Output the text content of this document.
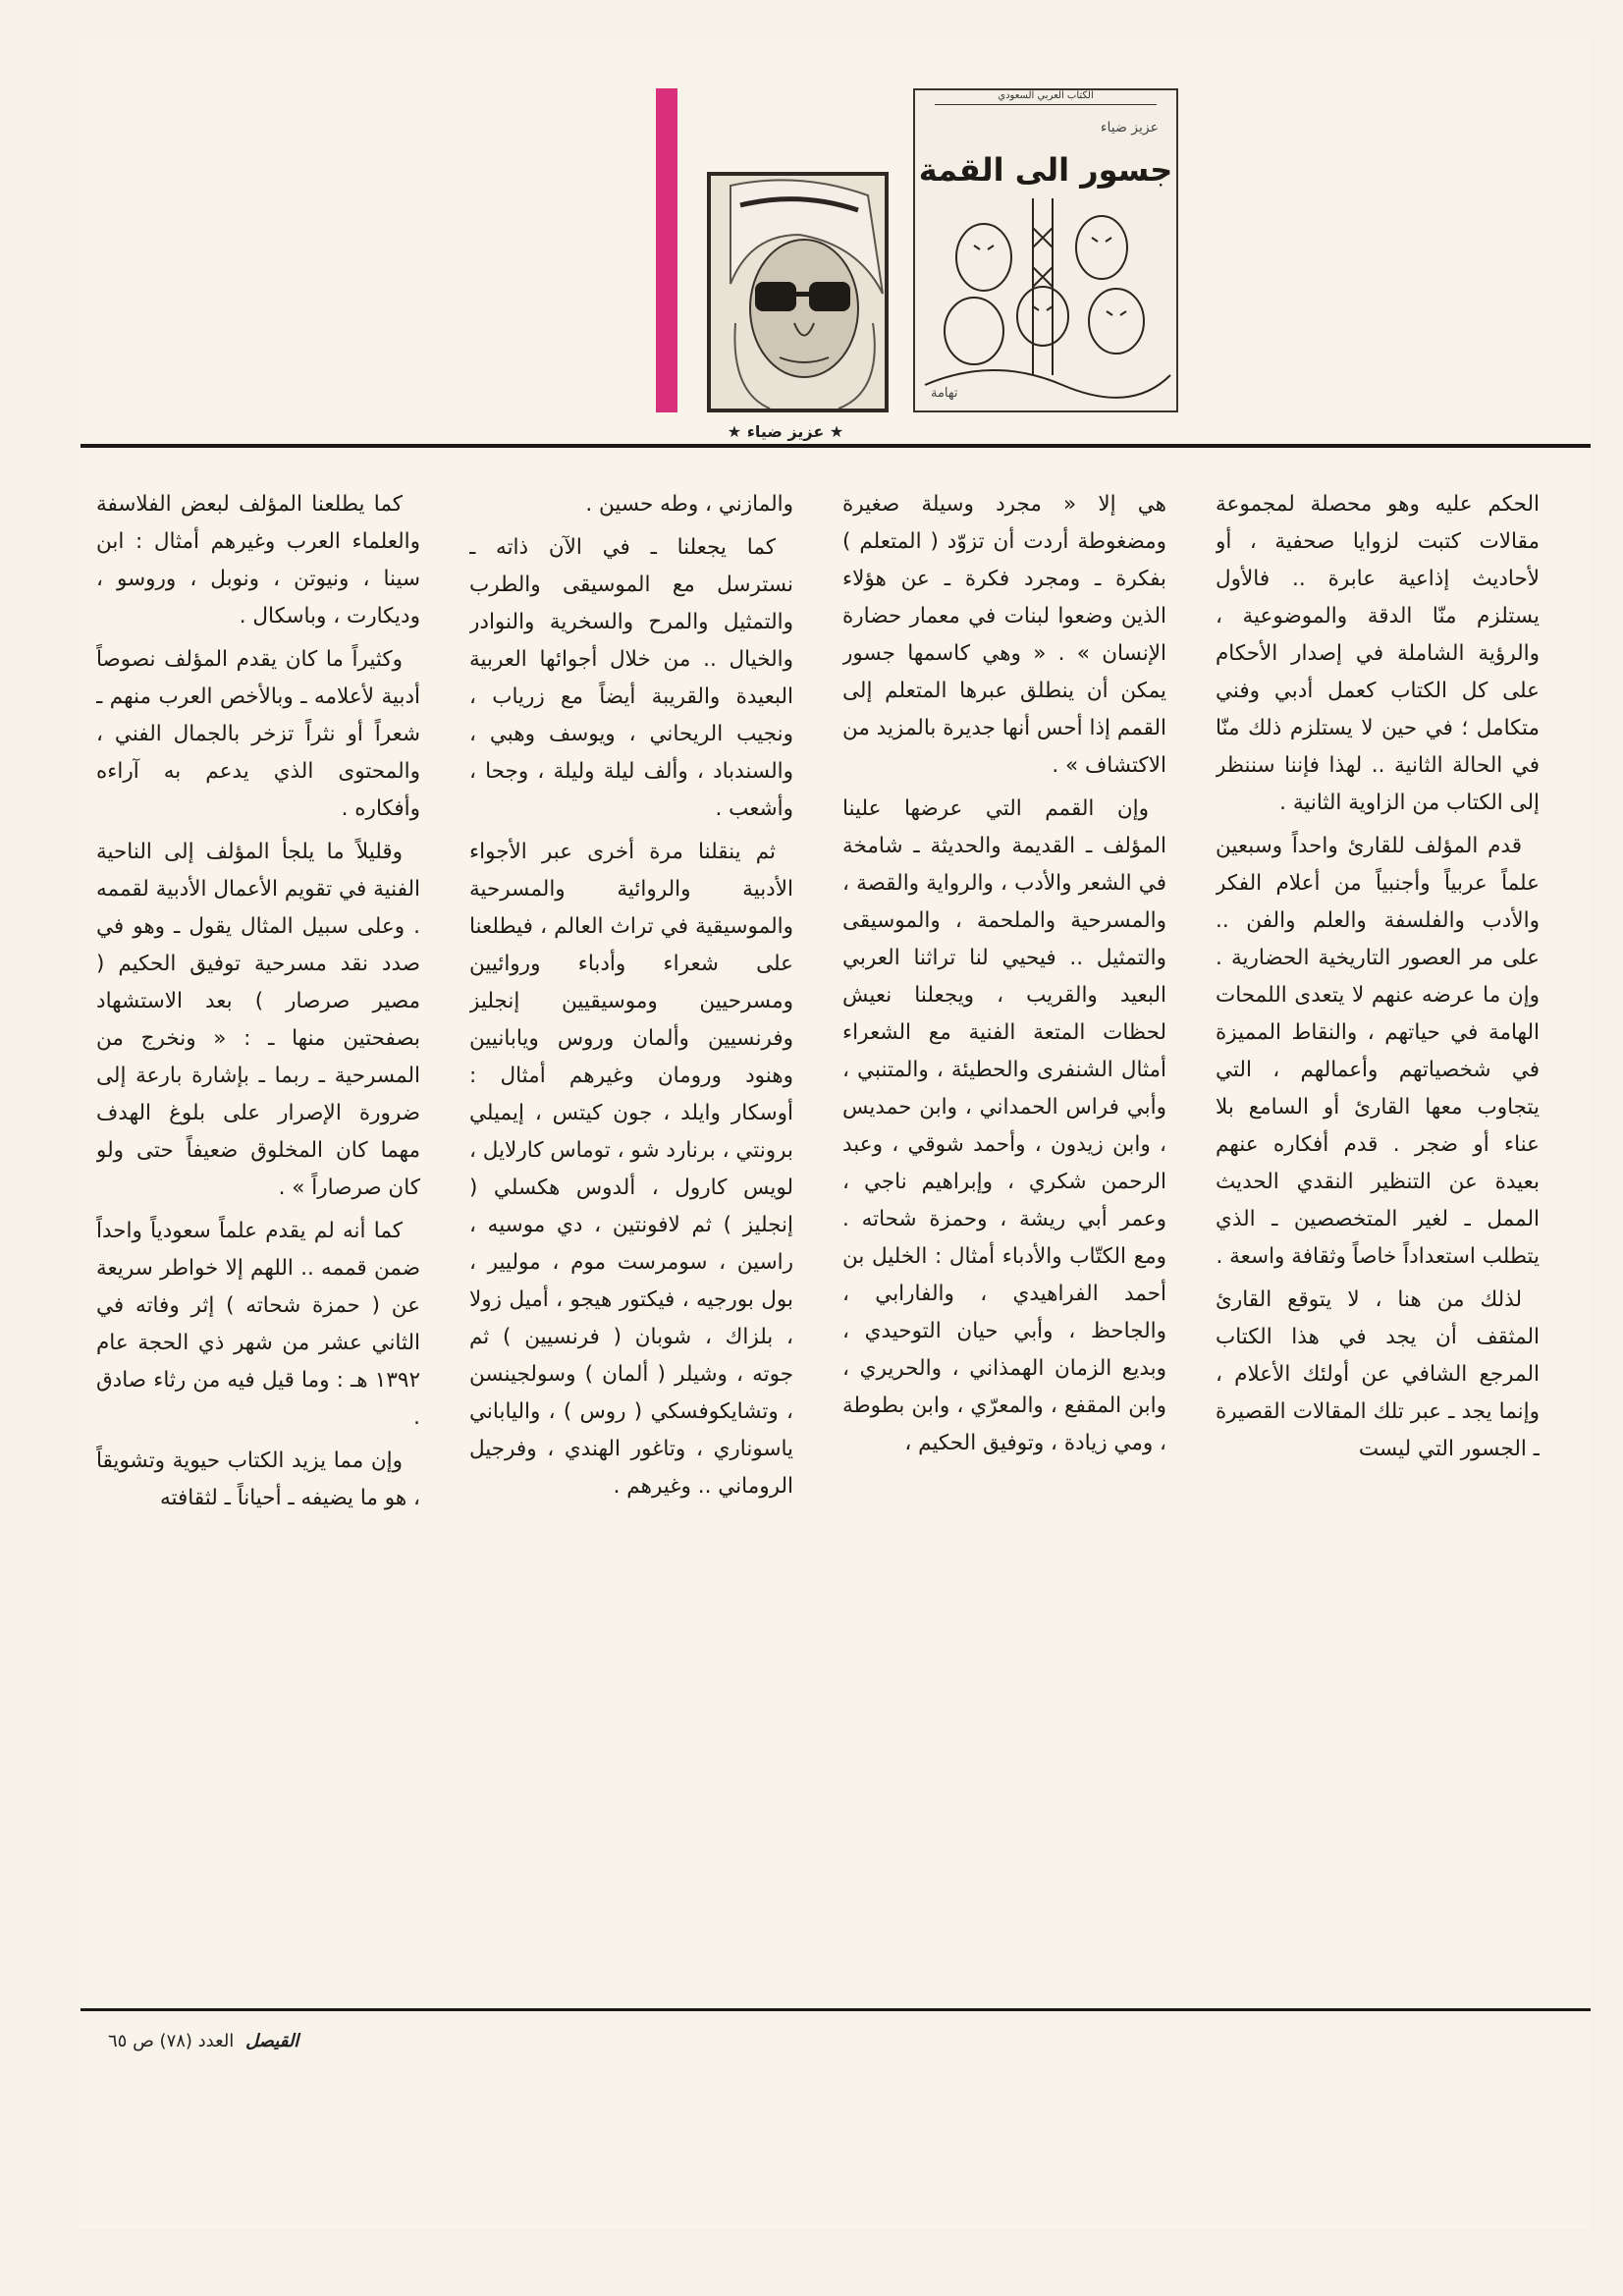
الكتاب العربي السعودي
عزيز ضياء
جسور الى القمة
تهامة
★ عزيز ضياء ★

الحكم عليه وهو محصلة لمجموعة مقالات كتبت لزوايا صحفية ، أو لأحاديث إذاعية عابرة .. فالأول يستلزم منّا الدقة والموضوعية ، والرؤية الشاملة في إصدار الأحكام على كل الكتاب كعمل أدبي وفني متكامل ؛ في حين لا يستلزم ذلك منّا في الحالة الثانية .. لهذا فإننا سننظر إلى الكتاب من الزاوية الثانية .

قدم المؤلف للقارئ واحداً وسبعين علماً عربياً وأجنبياً من أعلام الفكر والأدب والفلسفة والعلم والفن .. على مر العصور التاريخية الحضارية . وإن ما عرضه عنهم لا يتعدى اللمحات الهامة في حياتهم ، والنقاط المميزة في شخصياتهم وأعمالهم ، التي يتجاوب معها القارئ أو السامع بلا عناء أو ضجر . قدم أفكاره عنهم بعيدة عن التنظير النقدي الحديث الممل ـ لغير المتخصصين ـ الذي يتطلب استعداداً خاصاً وثقافة واسعة .

لذلك من هنا ، لا يتوقع القارئ المثقف أن يجد في هذا الكتاب المرجع الشافي عن أولئك الأعلام ، وإنما يجد ـ عبر تلك المقالات القصيرة ـ الجسور التي ليست

هي إلا « مجرد وسيلة صغيرة ومضغوطة أردت أن تزوّد ( المتعلم ) بفكرة ـ ومجرد فكرة ـ عن هؤلاء الذين وضعوا لبنات في معمار حضارة الإنسان » . « وهي كاسمها جسور يمكن أن ينطلق عبرها المتعلم إلى القمم إذا أحس أنها جديرة بالمزيد من الاكتشاف » .

وإن القمم التي عرضها علينا المؤلف ـ القديمة والحديثة ـ شامخة في الشعر والأدب ، والرواية والقصة ، والمسرحية والملحمة ، والموسيقى والتمثيل .. فيحيي لنا تراثنا العربي البعيد والقريب ، ويجعلنا نعيش لحظات المتعة الفنية مع الشعراء أمثال الشنفرى والحطيئة ، والمتنبي ، وأبي فراس الحمداني ، وابن حمديس ، وابن زيدون ، وأحمد شوقي ، وعبد الرحمن شكري ، وإبراهيم ناجي ، وعمر أبي ريشة ، وحمزة شحاته . ومع الكتّاب والأدباء أمثال : الخليل بن أحمد الفراهيدي ، والفارابي ، والجاحظ ، وأبي حيان التوحيدي ، وبديع الزمان الهمذاني ، والحريري ، وابن المقفع ، والمعرّي ، وابن بطوطة ، ومي زيادة ، وتوفيق الحكيم ،

والمازني ، وطه حسين .

كما يجعلنا ـ في الآن ذاته ـ نسترسل مع الموسيقى والطرب والتمثيل والمرح والسخرية والنوادر والخيال .. من خلال أجوائها العربية البعيدة والقريبة أيضاً مع زرياب ، ونجيب الريحاني ، ويوسف وهبي ، والسندباد ، وألف ليلة وليلة ، وجحا ، وأشعب .

ثم ينقلنا مرة أخرى عبر الأجواء الأدبية والروائية والمسرحية والموسيقية في تراث العالم ، فيطلعنا على شعراء وأدباء وروائيين ومسرحيين وموسيقيين إنجليز وفرنسيين وألمان وروس ويابانيين وهنود ورومان وغيرهم أمثال : أوسكار وايلد ، جون كيتس ، إيميلي برونتي ، برنارد شو ، توماس كارلايل ، لويس كارول ، ألدوس هكسلي ( إنجليز ) ثم لافونتين ، دي موسيه ، راسين ، سومرست موم ، موليير ، بول بورجيه ، فيكتور هيجو ، أميل زولا ، بلزاك ، شوبان ( فرنسيين ) ثم جوته ، وشيلر ( ألمان ) وسولجينسن ، وتشايكوفسكي ( روس ) ، والياباني ياسوناري ، وتاغور الهندي ، وفرجيل الروماني .. وغيرهم .

كما يطلعنا المؤلف لبعض الفلاسفة والعلماء العرب وغيرهم أمثال : ابن سينا ، ونيوتن ، ونوبل ، وروسو ، وديكارت ، وباسكال .

وكثيراً ما كان يقدم المؤلف نصوصاً أدبية لأعلامه ـ وبالأخص العرب منهم ـ شعراً أو نثراً تزخر بالجمال الفني ، والمحتوى الذي يدعم به آراءه وأفكاره .

وقليلاً ما يلجأ المؤلف إلى الناحية الفنية في تقويم الأعمال الأدبية لقممه . وعلى سبيل المثال يقول ـ وهو في صدد نقد مسرحية توفيق الحكيم ( مصير صرصار ) بعد الاستشهاد بصفحتين منها ـ : « ونخرج من المسرحية ـ ربما ـ بإشارة بارعة إلى ضرورة الإصرار على بلوغ الهدف مهما كان المخلوق ضعيفاً حتى ولو كان صرصاراً » .

كما أنه لم يقدم علماً سعودياً واحداً ضمن قممه .. اللهم إلا خواطر سريعة عن ( حمزة شحاته ) إثر وفاته في الثاني عشر من شهر ذي الحجة عام ١٣٩٢ هـ : وما قيل فيه من رثاء صادق .

وإن مما يزيد الكتاب حيوية وتشويقاً ، هو ما يضيفه ـ أحياناً ـ لثقافته

القيصل العدد (٧٨) ص ٦٥
